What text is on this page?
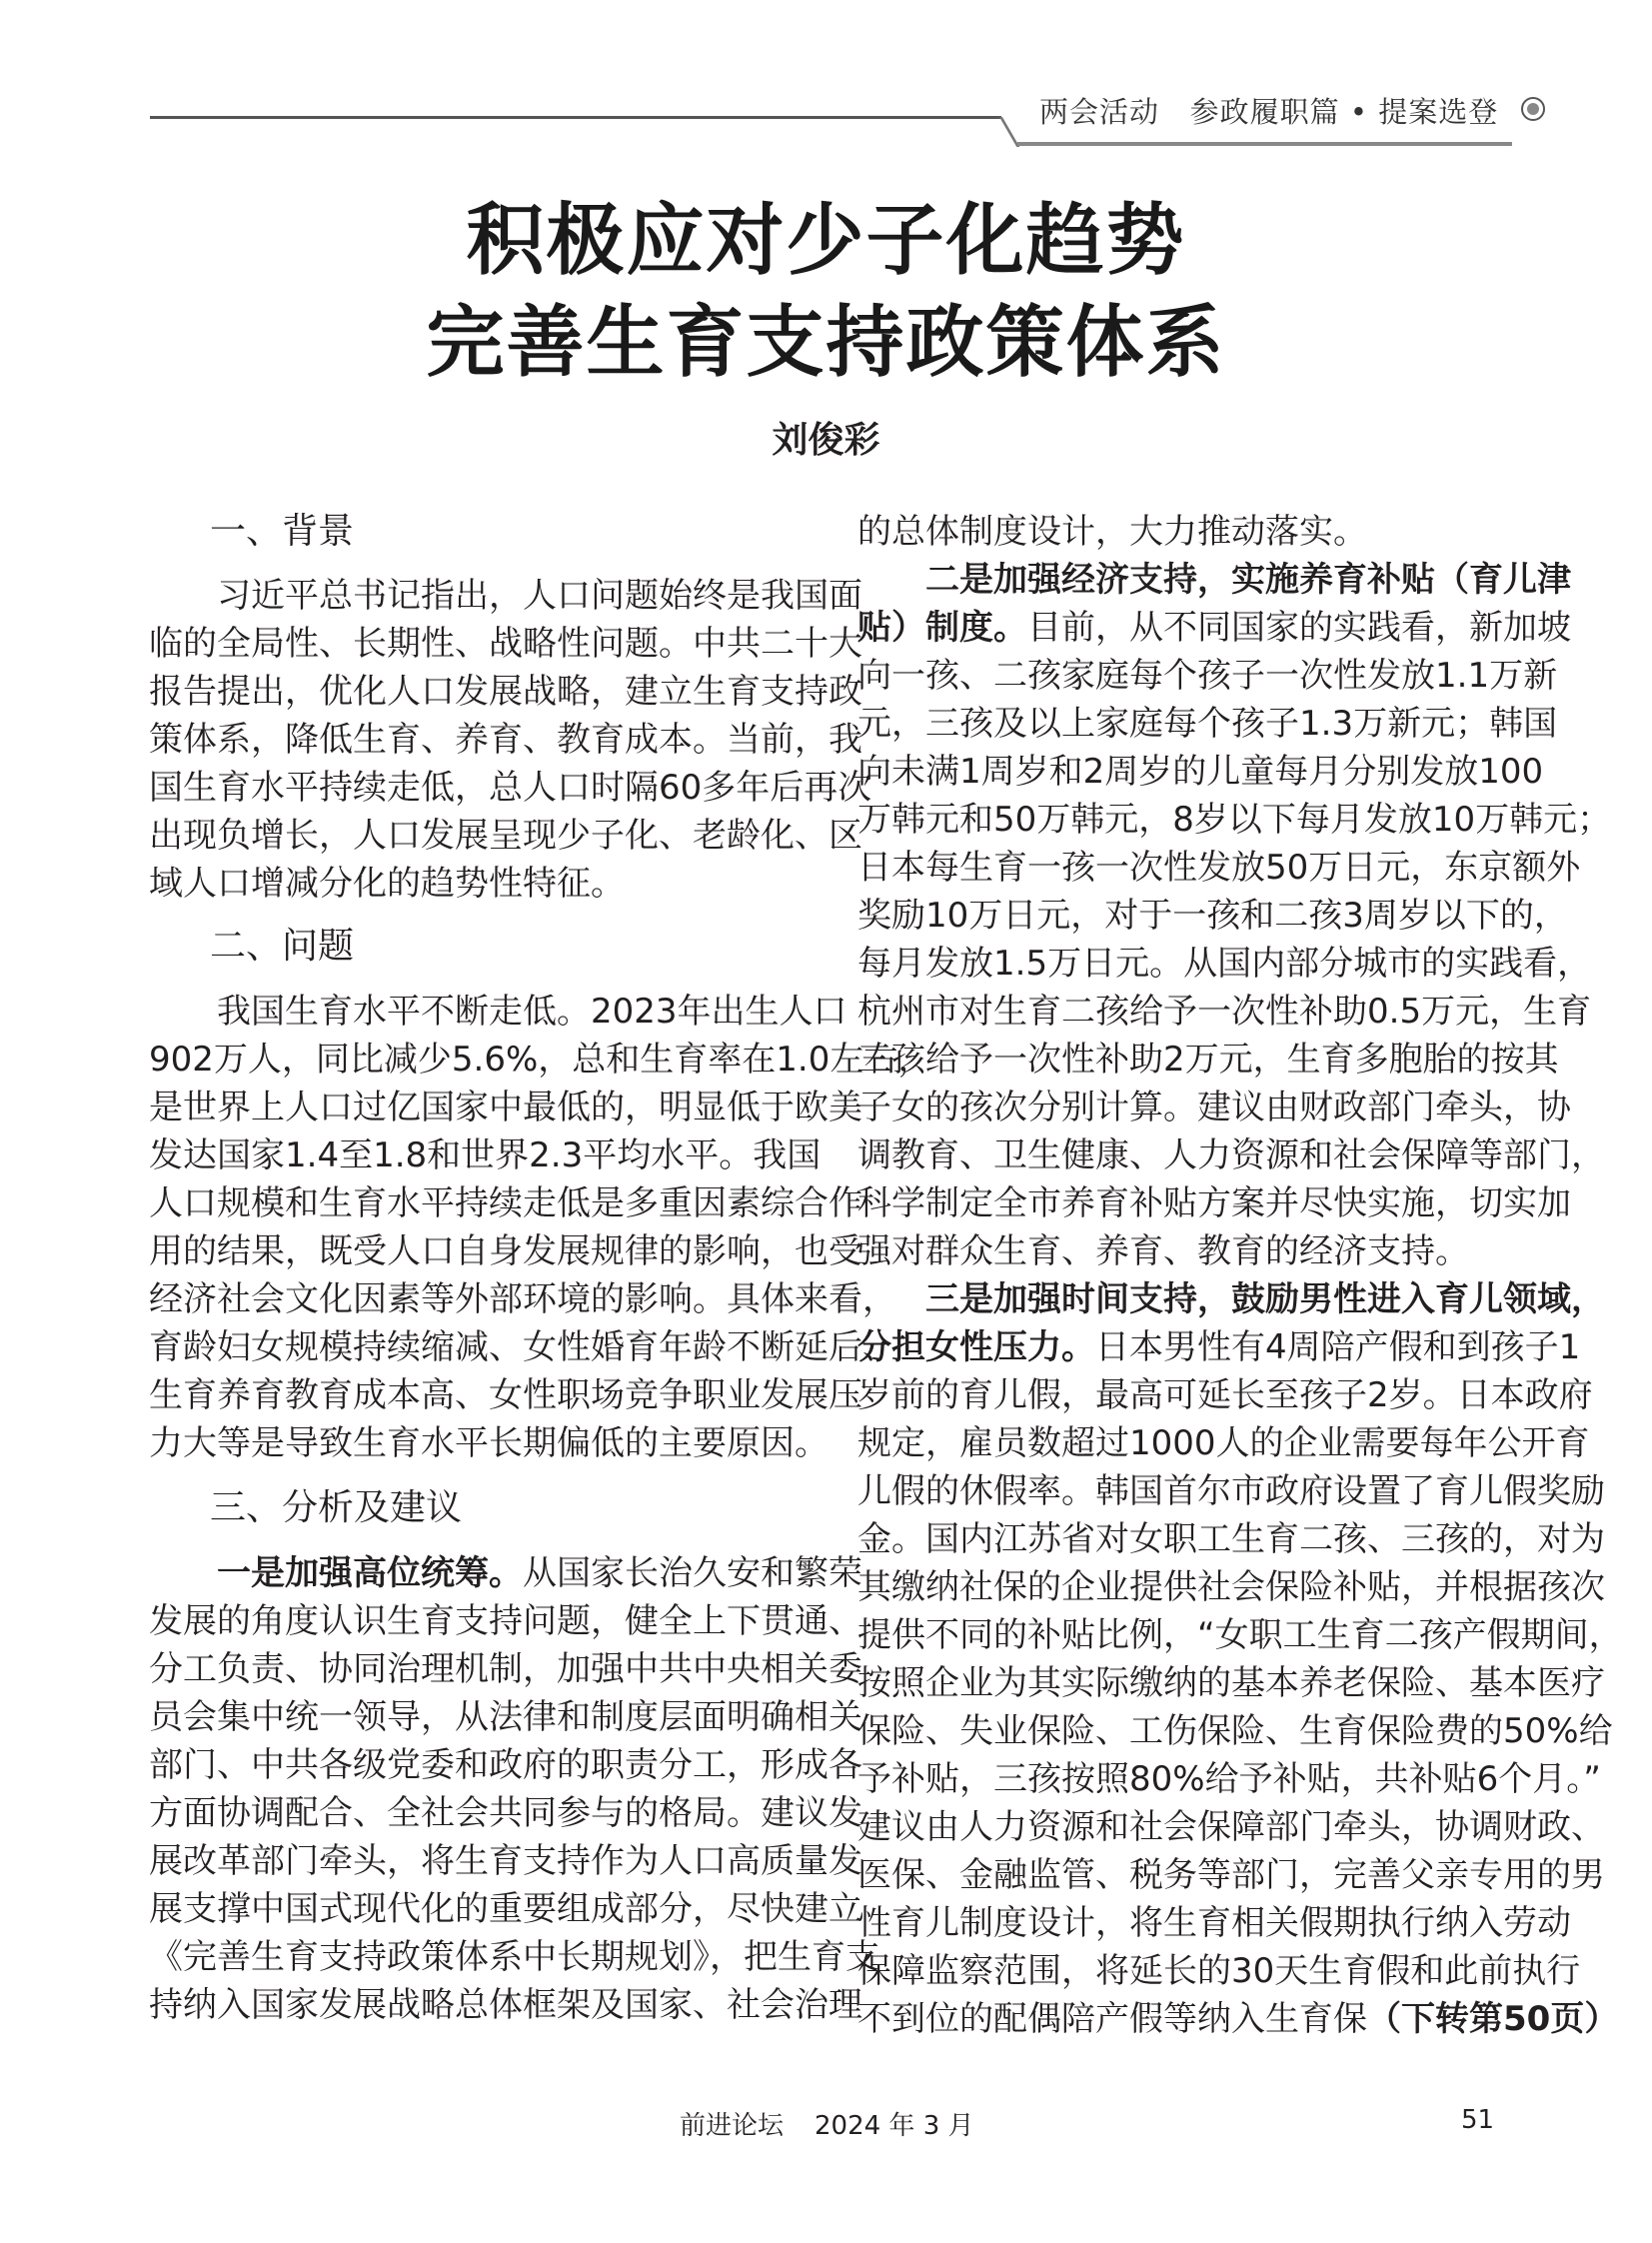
两会活动   参政履职篇 • 提案选登
积极应对少子化趋势
完善生育支持政策体系
刘俊彩
一、背景
习近平总书记指出，人口问题始终是我国面
临的全局性、长期性、战略性问题。中共二十大
报告提出，优化人口发展战略，建立生育支持政
策体系，降低生育、养育、教育成本。当前，我
国生育水平持续走低，总人口时隔60多年后再次
出现负增长，人口发展呈现少子化、老龄化、区
域人口增减分化的趋势性特征。
二、问题
我国生育水平不断走低。2023年出生人口
902万人，同比减少5.6%，总和生育率在1.0左右，
是世界上人口过亿国家中最低的，明显低于欧美
发达国家1.4至1.8和世界2.3平均水平。我国
人口规模和生育水平持续走低是多重因素综合作
用的结果，既受人口自身发展规律的影响，也受
经济社会文化因素等外部环境的影响。具体来看，
育龄妇女规模持续缩减、女性婚育年龄不断延后、
生育养育教育成本高、女性职场竞争职业发展压
力大等是导致生育水平长期偏低的主要原因。
三、分析及建议
一是加强高位统筹。从国家长治久安和繁荣
发展的角度认识生育支持问题，健全上下贯通、
分工负责、协同治理机制，加强中共中央相关委
员会集中统一领导，从法律和制度层面明确相关
部门、中共各级党委和政府的职责分工，形成各
方面协调配合、全社会共同参与的格局。建议发
展改革部门牵头，将生育支持作为人口高质量发
展支撑中国式现代化的重要组成部分，尽快建立
《完善生育支持政策体系中长期规划》，把生育支
持纳入国家发展战略总体框架及国家、社会治理
的总体制度设计，大力推动落实。
二是加强经济支持，实施养育补贴（育儿津
贴）制度。目前，从不同国家的实践看，新加坡
向一孩、二孩家庭每个孩子一次性发放1.1万新
元，三孩及以上家庭每个孩子1.3万新元；韩国
向未满1周岁和2周岁的儿童每月分别发放100
万韩元和50万韩元，8岁以下每月发放10万韩元；
日本每生育一孩一次性发放50万日元，东京额外
奖励10万日元，对于一孩和二孩3周岁以下的，
每月发放1.5万日元。从国内部分城市的实践看，
杭州市对生育二孩给予一次性补助0.5万元，生育
三孩给予一次性补助2万元，生育多胞胎的按其
子女的孩次分别计算。建议由财政部门牵头，协
调教育、卫生健康、人力资源和社会保障等部门，
科学制定全市养育补贴方案并尽快实施，切实加
强对群众生育、养育、教育的经济支持。
三是加强时间支持，鼓励男性进入育儿领域，
分担女性压力。日本男性有4周陪产假和到孩子1
岁前的育儿假，最高可延长至孩子2岁。日本政府
规定，雇员数超过1000人的企业需要每年公开育
儿假的休假率。韩国首尔市政府设置了育儿假奖励
金。国内江苏省对女职工生育二孩、三孩的，对为
其缴纳社保的企业提供社会保险补贴，并根据孩次
提供不同的补贴比例，“女职工生育二孩产假期间，
按照企业为其实际缴纳的基本养老保险、基本医疗
保险、失业保险、工伤保险、生育保险费的50%给
予补贴，三孩按照80%给予补贴，共补贴6个月。”
建议由人力资源和社会保障部门牵头，协调财政、
医保、金融监管、税务等部门，完善父亲专用的男
性育儿制度设计，将生育相关假期执行纳入劳动
保障监察范围，将延长的30天生育假和此前执行
不到位的配偶陪产假等纳入生育保（下转第50页）
前进论坛 2024 年 3 月	51
